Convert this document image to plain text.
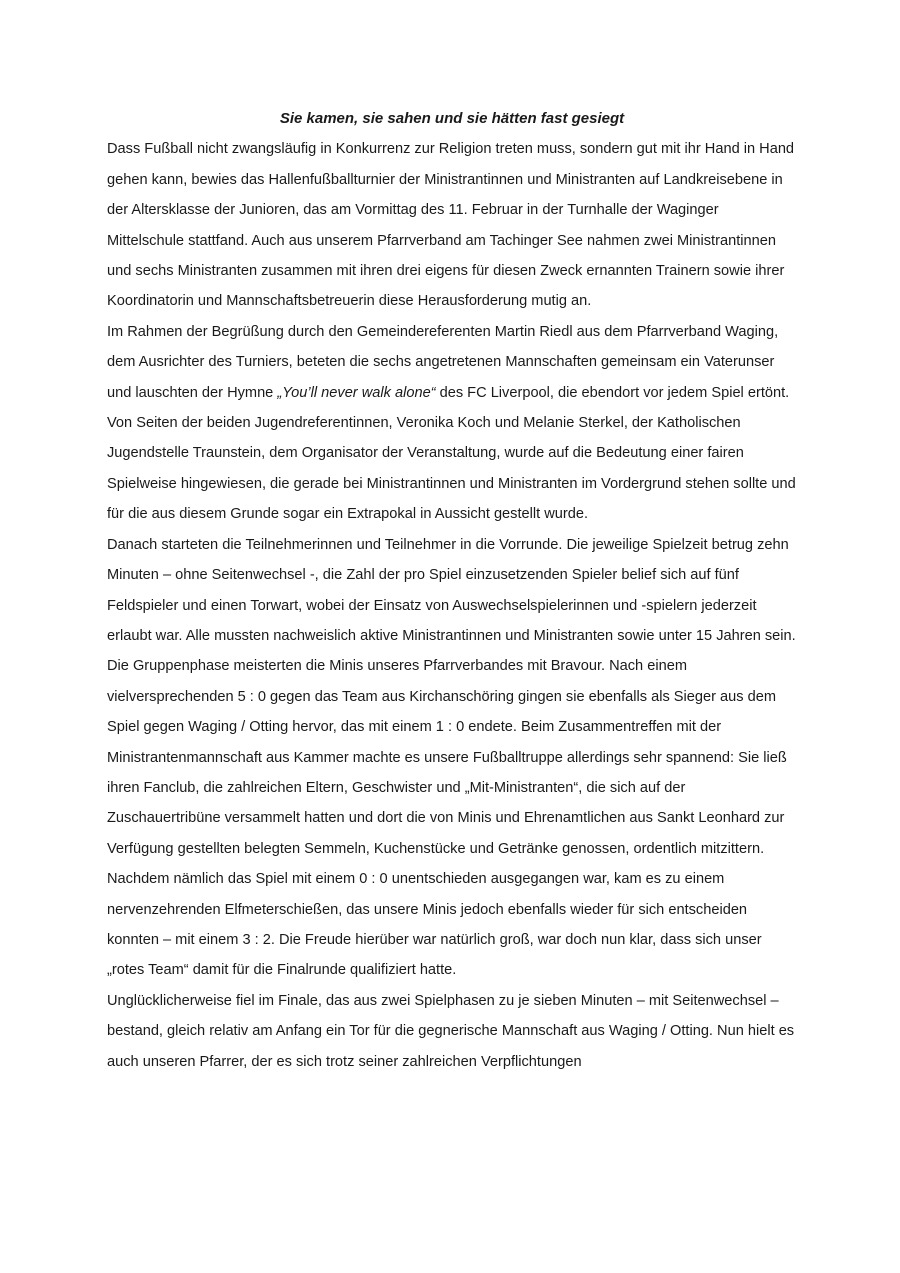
Sie kamen, sie sahen und sie hätten fast gesiegt

Dass Fußball nicht zwangsläufig in Konkurrenz zur Religion treten muss, sondern gut mit ihr Hand in Hand gehen kann, bewies das Hallenfußballturnier der Ministrantinnen und Ministranten auf Landkreisebene in der Altersklasse der Junioren, das am Vormittag des 11. Februar in der Turnhalle der Waginger Mittelschule stattfand. Auch aus unserem Pfarrverband am Tachinger See nahmen zwei Ministrantinnen und sechs Ministranten zusammen mit ihren drei eigens für diesen Zweck ernannten Trainern sowie ihrer Koordinatorin und Mannschaftsbetreuerin diese Herausforderung mutig an.

Im Rahmen der Begrüßung durch den Gemeindereferenten Martin Riedl aus dem Pfarrverband Waging, dem Ausrichter des Turniers, beteten die sechs angetretenen Mannschaften gemeinsam ein Vaterunser und lauschten der Hymne „You’ll never walk alone“ des FC Liverpool, die ebendort vor jedem Spiel ertönt. Von Seiten der beiden Jugendreferentinnen, Veronika Koch und Melanie Sterkel, der Katholischen Jugendstelle Traunstein, dem Organisator der Veranstaltung, wurde auf die Bedeutung einer fairen Spielweise hingewiesen, die gerade bei Ministrantinnen und Ministranten im Vordergrund stehen sollte und für die aus diesem Grunde sogar ein Extrapokal in Aussicht gestellt wurde.

Danach starteten die Teilnehmerinnen und Teilnehmer in die Vorrunde. Die jeweilige Spielzeit betrug zehn Minuten – ohne Seitenwechsel -, die Zahl der pro Spiel einzusetzenden Spieler belief sich auf fünf Feldspieler und einen Torwart, wobei der Einsatz von Auswechselspielerinnen und -spielern jederzeit erlaubt war. Alle mussten nachweislich aktive Ministrantinnen und Ministranten sowie unter 15 Jahren sein.

Die Gruppenphase meisterten die Minis unseres Pfarrverbandes mit Bravour. Nach einem vielversprechenden 5 : 0 gegen das Team aus Kirchanschöring gingen sie ebenfalls als Sieger aus dem Spiel gegen Waging / Otting hervor, das mit einem 1 : 0 endete. Beim Zusammentreffen mit der Ministrantenmannschaft aus Kammer machte es unsere Fußballtruppe allerdings sehr spannend: Sie ließ ihren Fanclub, die zahlreichen Eltern, Geschwister und „Mit-Ministranten“, die sich auf der Zuschauertribüne versammelt hatten und dort die von Minis und Ehrenamtlichen aus Sankt Leonhard zur Verfügung gestellten belegten Semmeln, Kuchenstücke und Getränke genossen, ordentlich mitzittern. Nachdem nämlich das Spiel mit einem 0 : 0 unentschieden ausgegangen war, kam es zu einem nervenzehrenden Elfmeterschießen, das unsere Minis jedoch ebenfalls wieder für sich entscheiden konnten – mit einem 3 : 2. Die Freude hierüber war natürlich groß, war doch nun klar, dass sich unser „rotes Team“ damit für die Finalrunde qualifiziert hatte.

Unglücklicherweise fiel im Finale, das aus zwei Spielphasen zu je sieben Minuten – mit Seitenwechsel – bestand, gleich relativ am Anfang ein Tor für die gegnerische Mannschaft aus Waging / Otting. Nun hielt es auch unseren Pfarrer, der es sich trotz seiner zahlreichen Verpflichtungen
